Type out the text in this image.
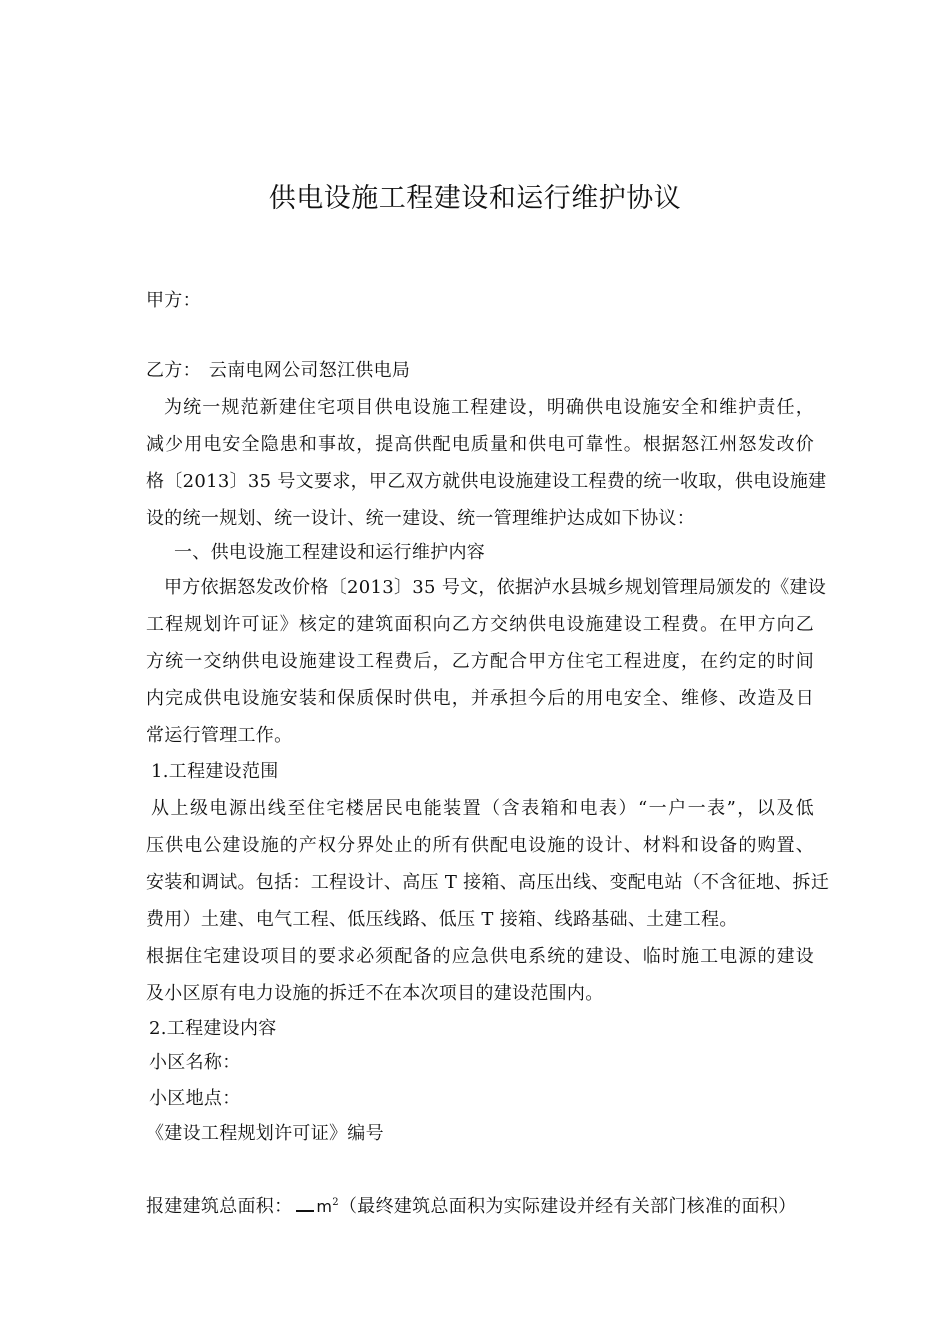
供电设施工程建设和运行维护协议
甲方：
乙方： 云南电网公司怒江供电局
为统一规范新建住宅项目供电设施工程建设，明确供电设施安全和维护责任，
减少用电安全隐患和事故，提高供配电质量和供电可靠性。根据怒江州怒发改价
格〔2013〕35 号文要求，甲乙双方就供电设施建设工程费的统一收取，供电设施建
设的统一规划、统一设计、统一建设、统一管理维护达成如下协议：
一、供电设施工程建设和运行维护内容
甲方依据怒发改价格〔2013〕35 号文，依据泸水县城乡规划管理局颁发的《建设
工程规划许可证》核定的建筑面积向乙方交纳供电设施建设工程费。在甲方向乙
方统一交纳供电设施建设工程费后，乙方配合甲方住宅工程进度，在约定的时间
内完成供电设施安装和保质保时供电，并承担今后的用电安全、维修、改造及日
常运行管理工作。
1.工程建设范围
从上级电源出线至住宅楼居民电能装置（含表箱和电表）“一户一表”，以及低
压供电公建设施的产权分界处止的所有供配电设施的设计、材料和设备的购置、
安装和调试。包括：工程设计、高压 T 接箱、高压出线、变配电站（不含征地、拆迁
费用）土建、电气工程、低压线路、低压 T 接箱、线路基础、土建工程。
根据住宅建设项目的要求必须配备的应急供电系统的建设、临时施工电源的建设
及小区原有电力设施的拆迁不在本次项目的建设范围内。
2.工程建设内容
小区名称：
小区地点：
《建设工程规划许可证》编号
报建建筑总面积： $m^2$（最终建筑总面积为实际建设并经有关部门核准的面积）
